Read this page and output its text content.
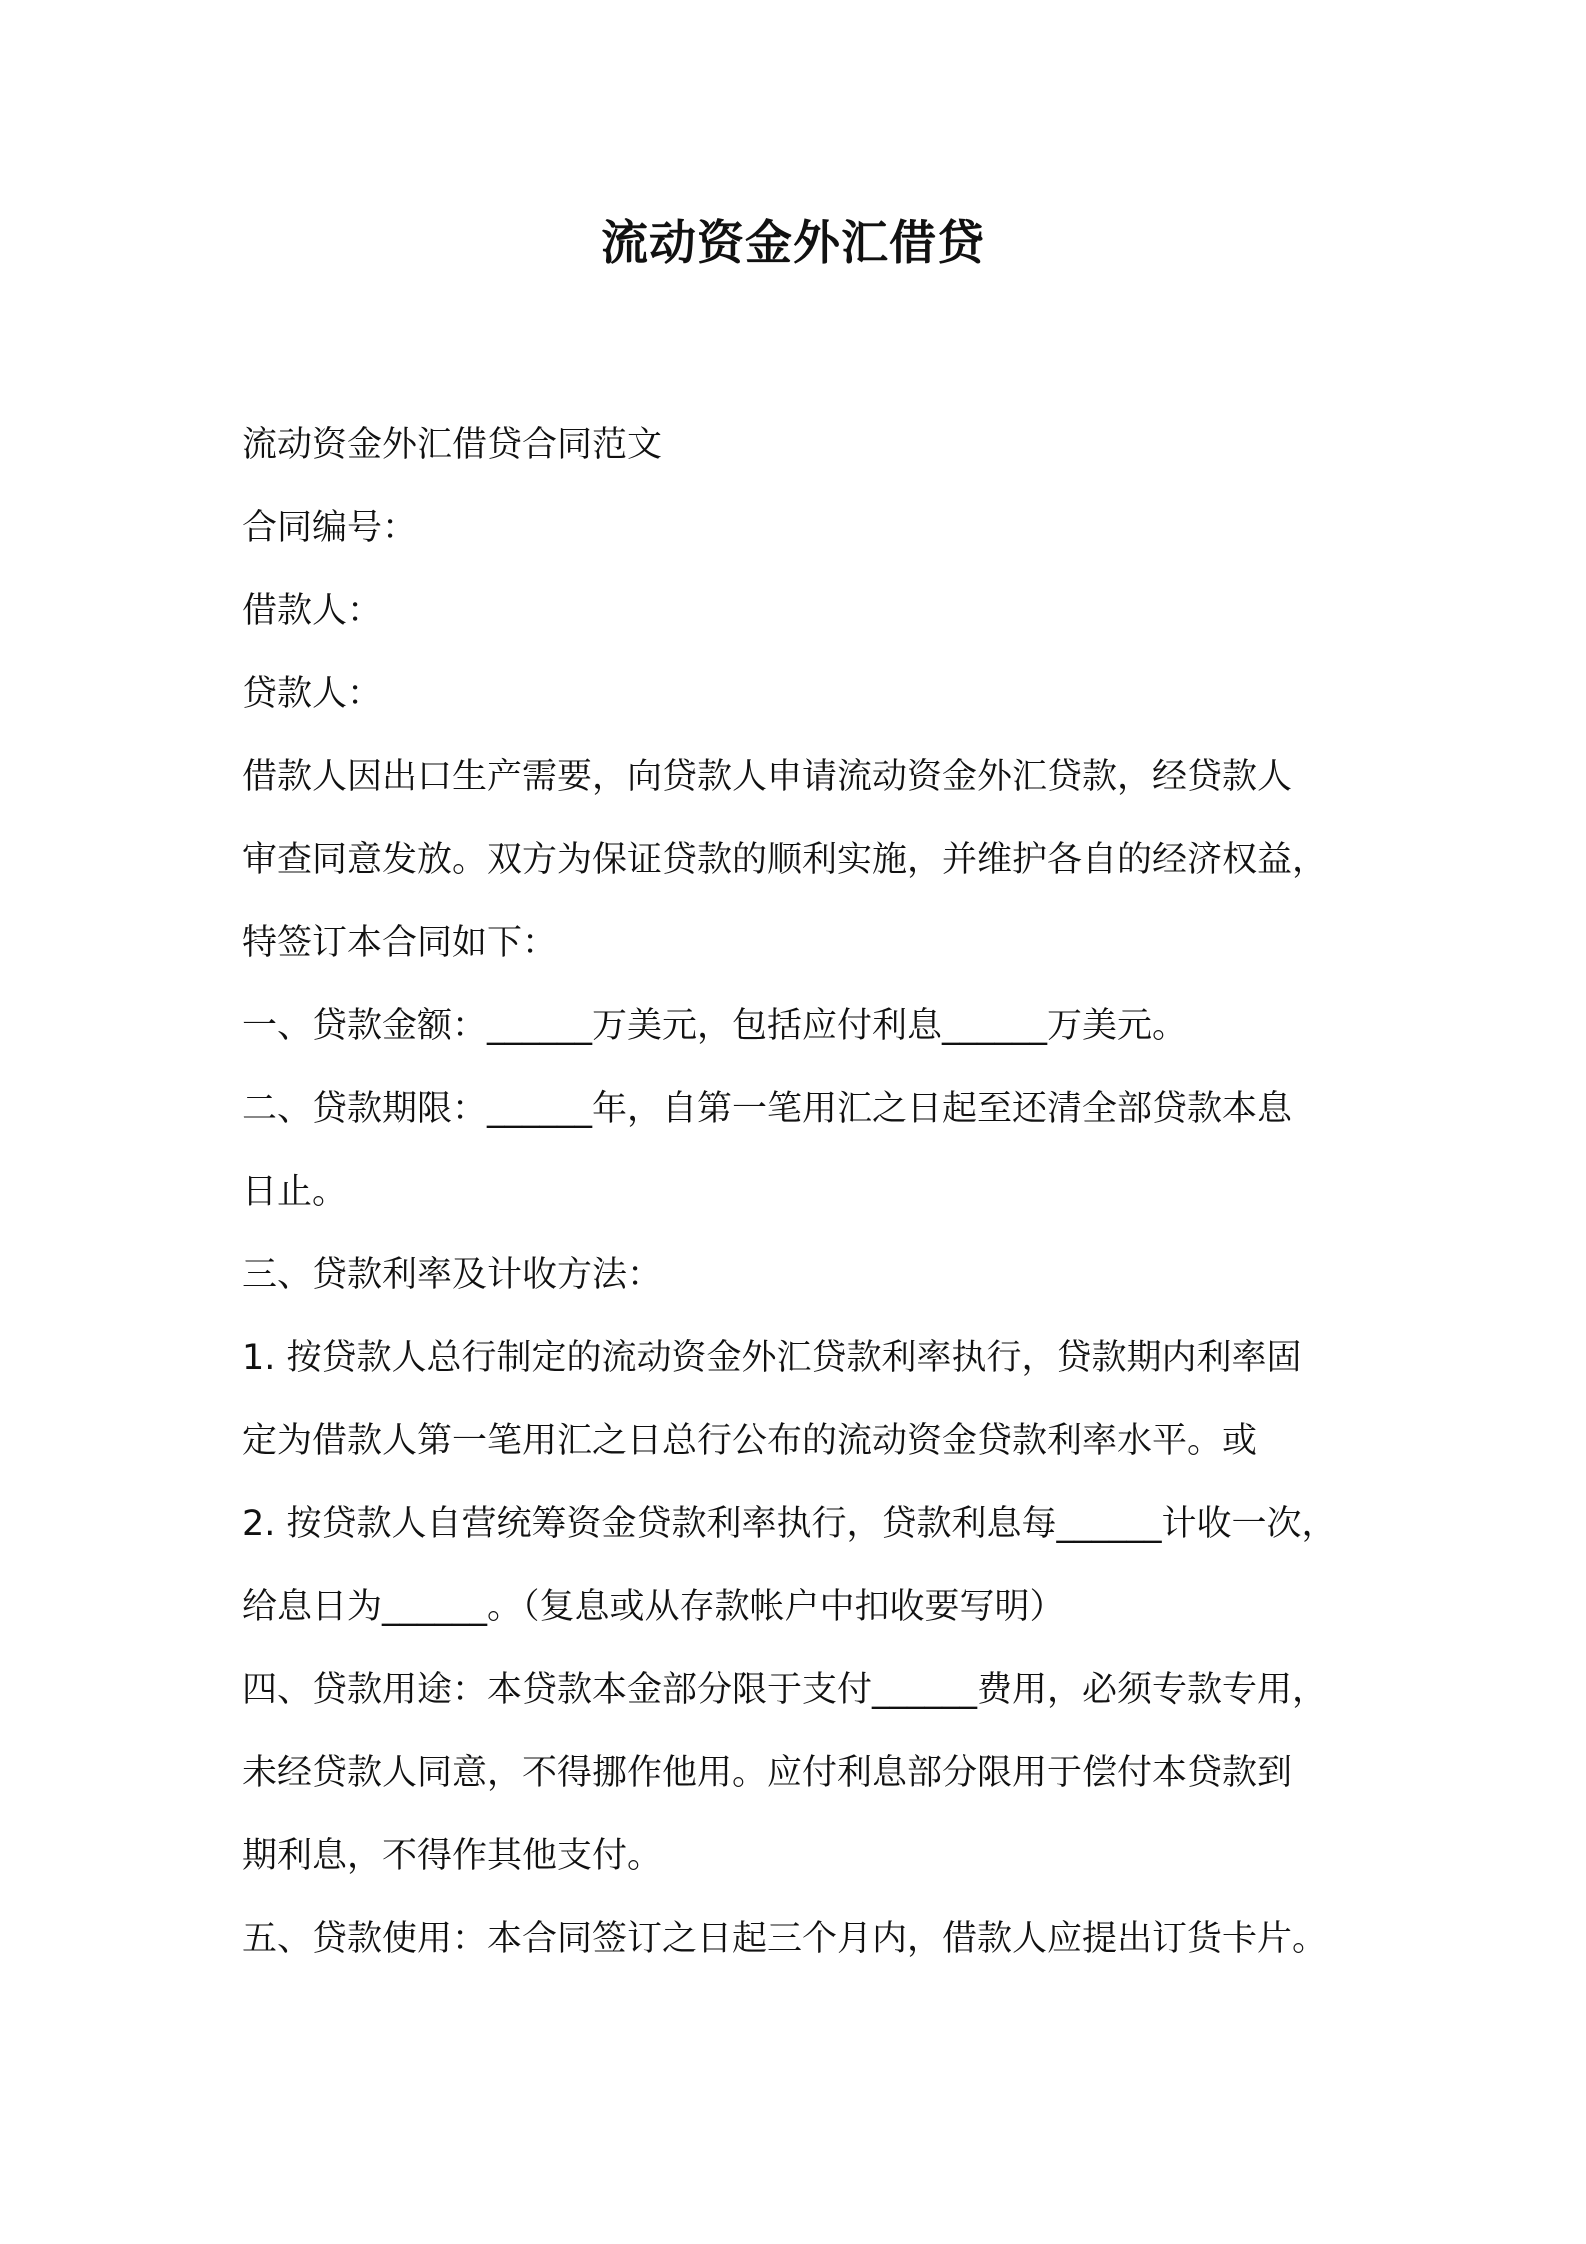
流动资金外汇借贷
流动资金外汇借贷合同范文
合同编号：
借款人：
贷款人：
借款人因出口生产需要，向贷款人申请流动资金外汇贷款，经贷款人
审查同意发放。双方为保证贷款的顺利实施，并维护各自的经济权益，
特签订本合同如下：
一、贷款金额：______万美元，包括应付利息______万美元。
二、贷款期限：______年，自第一笔用汇之日起至还清全部贷款本息
日止。
三、贷款利率及计收方法：
1. 按贷款人总行制定的流动资金外汇贷款利率执行，贷款期内利率固
定为借款人第一笔用汇之日总行公布的流动资金贷款利率水平。或
2. 按贷款人自营统筹资金贷款利率执行，贷款利息每______计收一次，
给息日为______。（复息或从存款帐户中扣收要写明）
四、贷款用途：本贷款本金部分限于支付______费用，必须专款专用，
未经贷款人同意，不得挪作他用。应付利息部分限用于偿付本贷款到
期利息，不得作其他支付。
五、贷款使用：本合同签订之日起三个月内，借款人应提出订货卡片。
